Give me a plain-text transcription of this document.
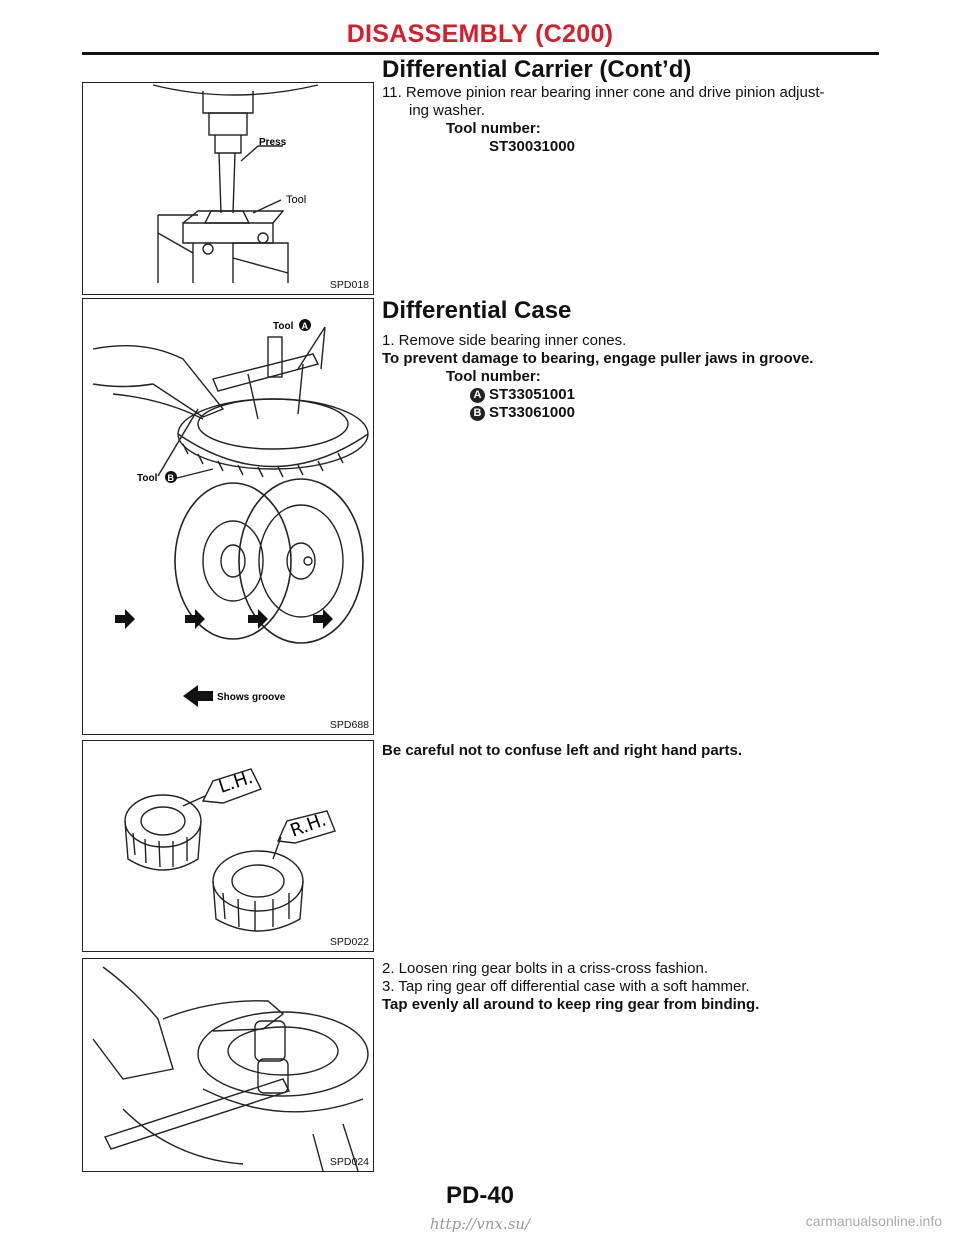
DISASSEMBLY (C200)
Differential Carrier (Cont’d)
Press
Tool
SPD018
11. Remove pinion rear bearing inner cone and drive pinion adjust-
ing washer.
Tool number:
ST30031000
Tool A
Tool B
Shows groove
SPD688
Differential Case
1. Remove side bearing inner cones.
To prevent damage to bearing, engage puller jaws in groove.
Tool number:
A ST33051001
B ST33061000
L.H.
R.H.
SPD022
Be careful not to confuse left and right hand parts.
SPD024
2. Loosen ring gear bolts in a criss-cross fashion.
3. Tap ring gear off differential case with a soft hammer.
Tap evenly all around to keep ring gear from binding.
PD-40
http://vnx.su/	carmanualsonline.info
